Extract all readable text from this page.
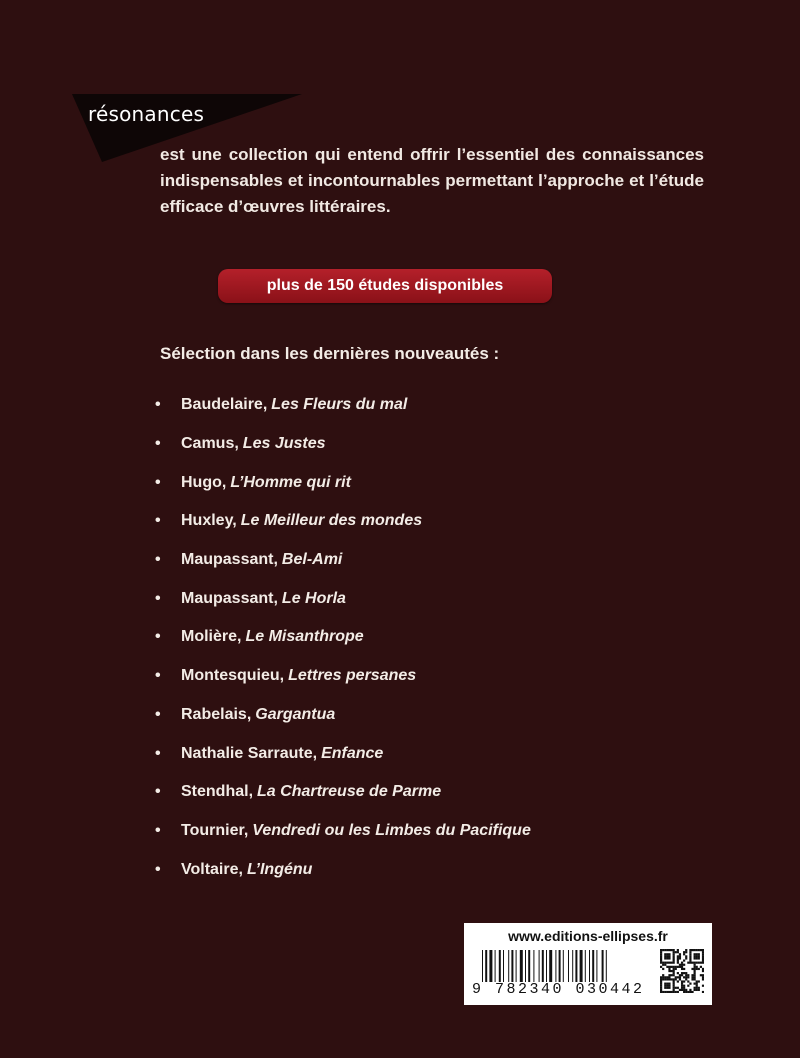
résonances

est une collection qui entend offrir l’essentiel des connaissances indispensables et incontournables permettant l’approche et l’étude efficace d’œuvres littéraires.

plus de 150 études disponibles

Sélection dans les dernières nouveautés :

•	Baudelaire, Les Fleurs du mal
•	Camus, Les Justes
•	Hugo, L’Homme qui rit
•	Huxley, Le Meilleur des mondes
•	Maupassant, Bel-Ami
•	Maupassant, Le Horla
•	Molière, Le Misanthrope
•	Montesquieu, Lettres persanes
•	Rabelais, Gargantua
•	Nathalie Sarraute, Enfance
•	Stendhal, La Chartreuse de Parme
•	Tournier, Vendredi ou les Limbes du Pacifique
•	Voltaire, L’Ingénu
www.editions-ellipses.fr
9 782340 030442
